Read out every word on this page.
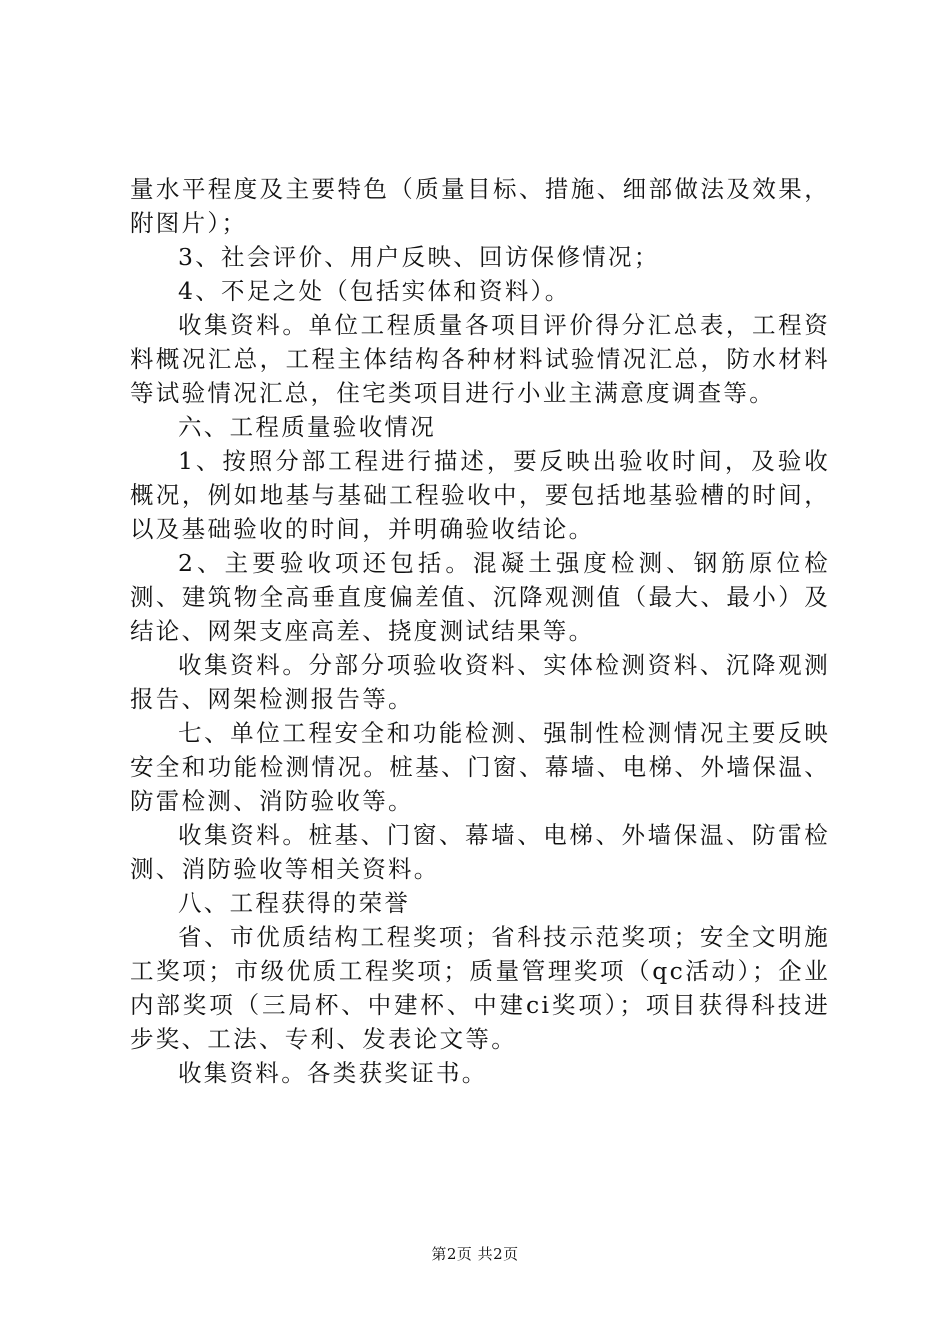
量水平程度及主要特色（质量目标、措施、细部做法及效果，附图片）；

3、社会评价、用户反映、回访保修情况；

4、不足之处（包括实体和资料）。

收集资料。单位工程质量各项目评价得分汇总表，工程资料概况汇总，工程主体结构各种材料试验情况汇总，防水材料等试验情况汇总，住宅类项目进行小业主满意度调查等。

六、工程质量验收情况

1、按照分部工程进行描述，要反映出验收时间，及验收概况，例如地基与基础工程验收中，要包括地基验槽的时间，以及基础验收的时间，并明确验收结论。

2、主要验收项还包括。混凝土强度检测、钢筋原位检测、建筑物全高垂直度偏差值、沉降观测值（最大、最小）及结论、网架支座高差、挠度测试结果等。

收集资料。分部分项验收资料、实体检测资料、沉降观测报告、网架检测报告等。

七、单位工程安全和功能检测、强制性检测情况主要反映安全和功能检测情况。桩基、门窗、幕墙、电梯、外墙保温、防雷检测、消防验收等。

收集资料。桩基、门窗、幕墙、电梯、外墙保温、防雷检测、消防验收等相关资料。

八、工程获得的荣誉

省、市优质结构工程奖项；省科技示范奖项；安全文明施工奖项；市级优质工程奖项；质量管理奖项（qc活动）；企业内部奖项（三局杯、中建杯、中建ci奖项）；项目获得科技进步奖、工法、专利、发表论文等。

收集资料。各类获奖证书。

第2页 共2页
